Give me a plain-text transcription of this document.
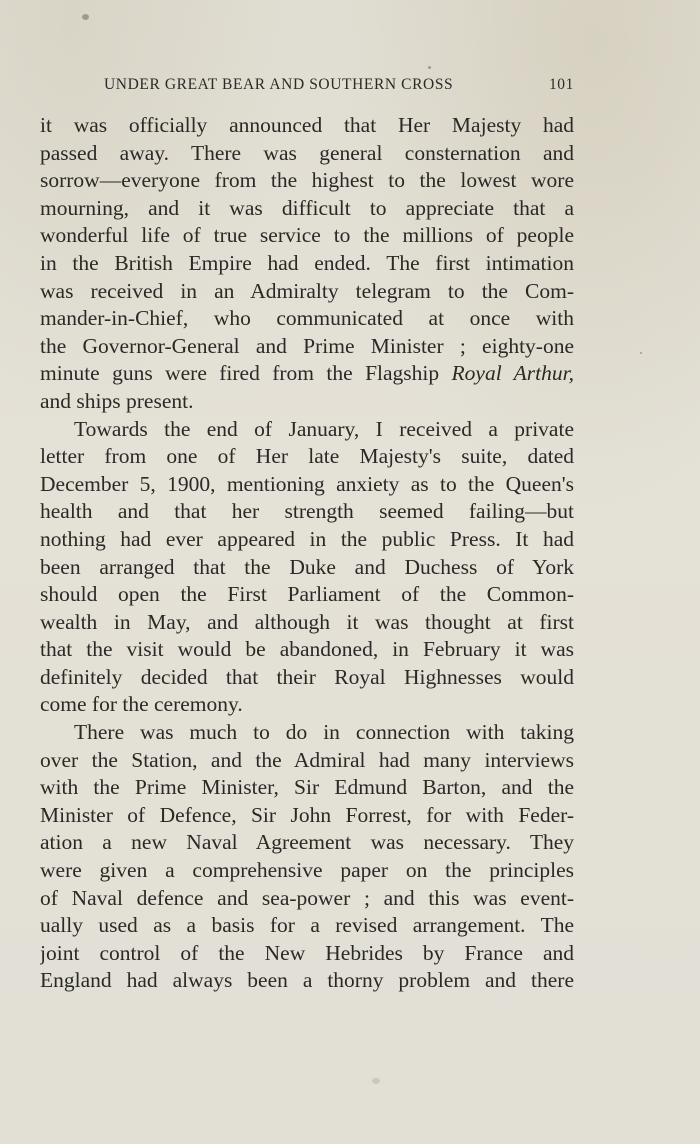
UNDER GREAT BEAR AND SOUTHERN CROSS	101
it was officially announced that Her Majesty had
passed away. There was general consternation and
sorrow—everyone from the highest to the lowest wore
mourning, and it was difficult to appreciate that a
wonderful life of true service to the millions of people
in the British Empire had ended. The first intimation
was received in an Admiralty telegram to the Com-
mander-in-Chief, who communicated at once with
the Governor-General and Prime Minister ; eighty-one
minute guns were fired from the Flagship Royal Arthur,
and ships present.
Towards the end of January, I received a private
letter from one of Her late Majesty's suite, dated
December 5, 1900, mentioning anxiety as to the Queen's
health and that her strength seemed failing—but
nothing had ever appeared in the public Press. It had
been arranged that the Duke and Duchess of York
should open the First Parliament of the Common-
wealth in May, and although it was thought at first
that the visit would be abandoned, in February it was
definitely decided that their Royal Highnesses would
come for the ceremony.
There was much to do in connection with taking
over the Station, and the Admiral had many interviews
with the Prime Minister, Sir Edmund Barton, and the
Minister of Defence, Sir John Forrest, for with Feder-
ation a new Naval Agreement was necessary. They
were given a comprehensive paper on the principles
of Naval defence and sea-power ; and this was event-
ually used as a basis for a revised arrangement. The
joint control of the New Hebrides by France and
England had always been a thorny problem and there
